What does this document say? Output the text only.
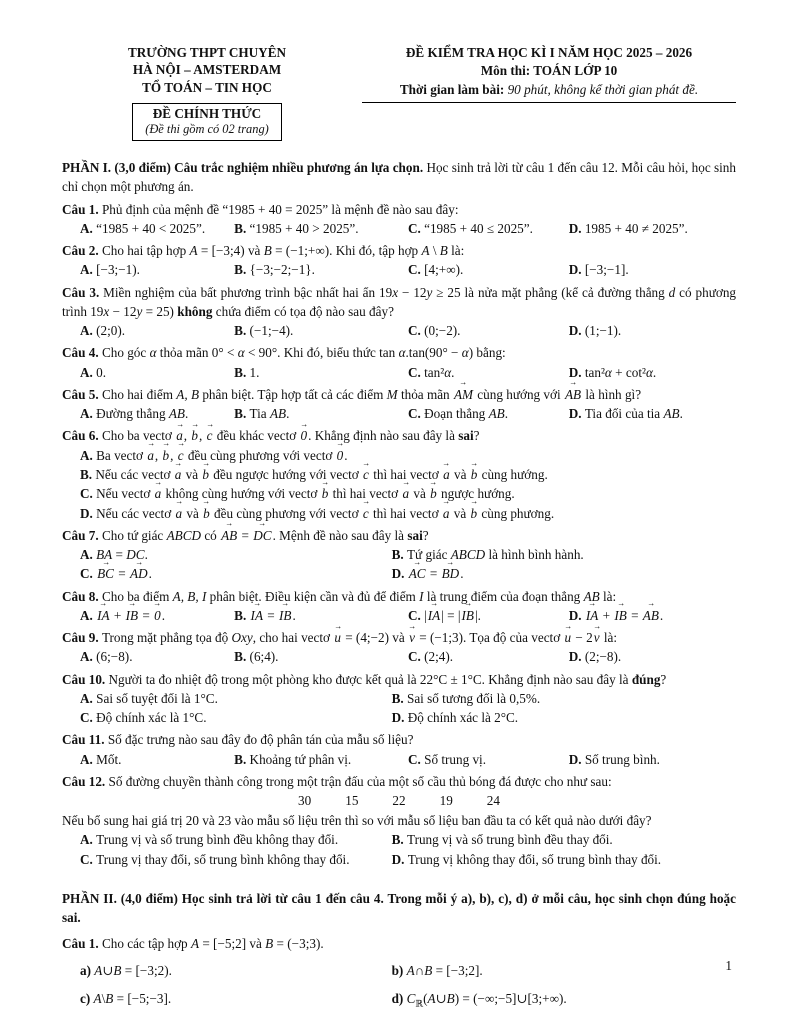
TRƯỜNG THPT CHUYÊN
HÀ NỘI – AMSTERDAM
TỔ TOÁN – TIN HỌC
ĐỀ CHÍNH THỨC
(Đề thi gồm có 02 trang)
ĐỀ KIỂM TRA HỌC KÌ I NĂM HỌC 2025 – 2026
Môn thi: TOÁN LỚP 10
Thời gian làm bài: 90 phút, không kể thời gian phát đề.
PHẦN I. (3,0 điểm) Câu trắc nghiệm nhiều phương án lựa chọn. Học sinh trả lời từ câu 1 đến câu 12. Mỗi câu hỏi, học sinh chỉ chọn một phương án.
Câu 1. Phủ định của mệnh đề “1985 + 40 = 2025” là mệnh đề nào sau đây:
A. “1985 + 40 < 2025”.	B. “1985 + 40 > 2025”.	C. “1985 + 40 ≤ 2025”.	D. 1985 + 40 ≠ 2025”.
Câu 2. Cho hai tập hợp A = [−3;4) và B = (−1;+∞). Khi đó, tập hợp A \ B là:
A. [−3;−1).	B. {−3;−2;−1}.	C. [4;+∞).	D. [−3;−1].
Câu 3. Miền nghiệm của bất phương trình bậc nhất hai ẩn 19x − 12y ≥ 25 là nửa mặt phẳng (kể cả đường thẳng d có phương trình 19x − 12y = 25) không chứa điểm có tọa độ nào sau đây?
A. (2;0).	B. (−1;−4).	C. (0;−2).	D. (1;−1).
Câu 4. Cho góc α thỏa mãn 0° < α < 90°. Khi đó, biểu thức tan α.tan(90° − α) bằng:
A. 0.	B. 1.	C. tan²α.	D. tan²α + cot²α.
Câu 5. Cho hai điểm A, B phân biệt. Tập hợp tất cả các điểm M thỏa mãn AM → cùng hướng với AB → là hình gì?
A. Đường thẳng AB.	B. Tia AB.	C. Đoạn thẳng AB.	D. Tia đối của tia AB.
Câu 6. Cho ba vectơ a →, b →, c → đều khác vectơ 0 →. Khẳng định nào sau đây là sai?
A. Ba vectơ a →, b →, c → đều cùng phương với vectơ 0 →.
B. Nếu các vectơ a → và b → đều ngược hướng với vectơ c → thì hai vectơ a → và b → cùng hướng.
C. Nếu vectơ a → không cùng hướng với vectơ b → thì hai vectơ a → và b → ngược hướng.
D. Nếu các vectơ a → và b → đều cùng phương với vectơ c → thì hai vectơ a → và b → cùng phương.
Câu 7. Cho tứ giác ABCD có AB → = DC →. Mệnh đề nào sau đây là sai?
A. BA = DC.	B. Tứ giác ABCD là hình bình hành.
C. BC → = AD →.	D. AC → = BD →.
Câu 8. Cho ba điểm A, B, I phân biệt. Điều kiện cần và đủ để điểm I là trung điểm của đoạn thẳng AB là:
A. IA → + IB → = 0 →.	B. IA → = IB →.	C. |IA →| = |IB →|.	D. IA → + IB → = AB →.
Câu 9. Trong mặt phẳng tọa độ Oxy, cho hai vectơ u → = (4;−2) và v → = (−1;3). Tọa độ của vectơ u → − 2v → là:
A. (6;−8).	B. (6;4).	C. (2;4).	D. (2;−8).
Câu 10. Người ta đo nhiệt độ trong một phòng kho được kết quả là 22°C ± 1°C. Khẳng định nào sau đây là đúng?
A. Sai số tuyệt đối là 1°C.	B. Sai số tương đối là 0,5%.
C. Độ chính xác là 1°C.	D. Độ chính xác là 2°C.
Câu 11. Số đặc trưng nào sau đây đo độ phân tán của mẫu số liệu?
A. Mốt.	B. Khoảng tứ phân vị.	C. Số trung vị.	D. Số trung bình.
Câu 12. Số đường chuyền thành công trong một trận đấu của một số cầu thủ bóng đá được cho như sau:
30	15	22	19	24
Nếu bổ sung hai giá trị 20 và 23 vào mẫu số liệu trên thì so với mẫu số liệu ban đầu ta có kết quả nào dưới đây?
A. Trung vị và số trung bình đều không thay đổi.	B. Trung vị và số trung bình đều thay đổi.
C. Trung vị thay đổi, số trung bình không thay đổi.	D. Trung vị không thay đổi, số trung bình thay đổi.
PHẦN II. (4,0 điểm) Học sinh trả lời từ câu 1 đến câu 4. Trong mỗi ý a), b), c), d) ở mỗi câu, học sinh chọn đúng hoặc sai.
Câu 1. Cho các tập hợp A = [−5;2] và B = (−3;3).
a) A∪B = [−3;2).	b) A∩B = [−3;2].
c) A\B = [−5;−3].	d) $C_ℝ(A\cup B)$ = (−∞;−5]∪[3;+∞).
1
